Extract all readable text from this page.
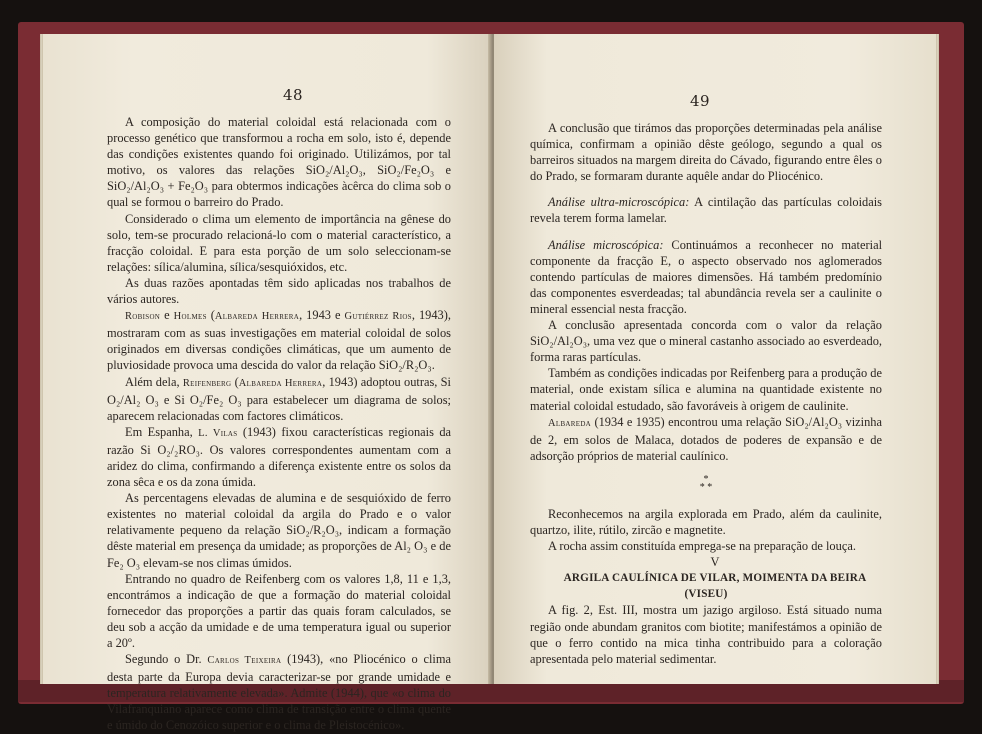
48

A composição do material coloidal está relacionada com o processo genético que transformou a rocha em solo, isto é, depende das condições existentes quando foi originado. Utilizámos, por tal motivo, os valores das relações SiO₂/Al₂O₃, SiO₂/Fe₂O₃ e SiO₂/Al₂O₃ + Fe₂O₃ para obtermos indicações àcêrca do clima sob o qual se formou o barreiro do Prado.

Considerado o clima um elemento de importância na gênese do solo, tem-se procurado relacioná-lo com o material característico, a fracção coloidal. E para esta porção de um solo seleccionam-se relações: sílica/alumina, sílica/sesquióxidos, etc.

As duas razões apontadas têm sido aplicadas nos trabalhos de vários autores.

Robison e Holmes (Albareda Herrera, 1943 e Gutiérrez Rios, 1943), mostraram com as suas investigações em material coloidal de solos originados em diversas condições climáticas, que um aumento de pluviosidade provoca uma descida do valor da relação SiO₂/R₂O₃.

Além dela, Reifenberg (Albareda Herrera, 1943) adoptou outras, Si O₂/Al₂ O₃ e Si O₂/Fe₂ O₃ para estabelecer um diagrama de solos; aparecem relacionadas com factores climáticos.

Em Espanha, L. Vilas (1943) fixou características regionais da razão Si O₂/₂RO₃. Os valores correspondentes aumentam com a aridez do clima, confirmando a diferença existente entre os solos da zona sêca e os da zona úmida.

As percentagens elevadas de alumina e de sesquióxido de ferro existentes no material coloidal da argila do Prado e o valor relativamente pequeno da relação SiO₂/R₂O₃, indicam a formação dêste material em presença da umidade; as proporções de Al₂ O₃ e de Fe₂ O₃ elevam-se nos climas úmidos.

Entrando no quadro de Reifenberg com os valores 1,8, 11 e 1,3, encontrámos a indicação de que a formação do material coloidal fornecedor das proporções a partir das quais foram calculados, se deu sob a acção da umidade e de uma temperatura igual ou superior a 20º.

Segundo o Dr. Carlos Teixeira (1943), «no Pliocénico o clima desta parte da Europa devia caracterizar-se por grande umidade e temperatura relativamente elevada». Admite (1944), que «o clima do Vilafranquiano aparece como clima de transição entre o clima quente e úmido do Cenozóico superior e o clima de Pleistocénico».

49

A conclusão que tirámos das proporções determinadas pela análise química, confirmam a opinião dêste geólogo, segundo a qual os barreiros situados na margem direita do Cávado, figurando entre êles o do Prado, se formaram durante aquêle andar do Pliocénico.

Análise ultra-microscópica: A cintilação das partículas coloidais revela terem forma lamelar.

Análise microscópica: Continuámos a reconhecer no material componente da fracção E, o aspecto observado nos aglomerados contendo partículas de maiores dimensões. Há também predomínio das componentes esverdeadas; tal abundância revela ser a caulinite o mineral essencial nesta fracção.

A conclusão apresentada concorda com o valor da relação SiO₂/Al₂O₃, uma vez que o mineral castanho associado ao esverdeado, forma raras partículas.

Também as condições indicadas por Reifenberg para a produção de material, onde existam sílica e alumina na quantidade existente no material coloidal estudado, são favoráveis à origem de caulinite.

Albareda (1934 e 1935) encontrou uma relação SiO₂/Al₂O₃ vizinha de 2, em solos de Malaca, dotados de poderes de expansão e de adsorção próprios de material caulínico.

*
* *

Reconhecemos na argila explorada em Prado, além da caulinite, quartzo, ilite, rútilo, zircão e magnetite.

A rocha assim constituída emprega-se na preparação de louça.

V

ARGILA CAULÍNICA DE VILAR, MOIMENTA DA BEIRA (VISEU)

A fig. 2, Est. III, mostra um jazigo argiloso. Está situado numa região onde abundam granitos com biotite; manifestámos a opinião de que o ferro contido na mica tinha contribuido para a coloração apresentada pelo material sedimentar.
